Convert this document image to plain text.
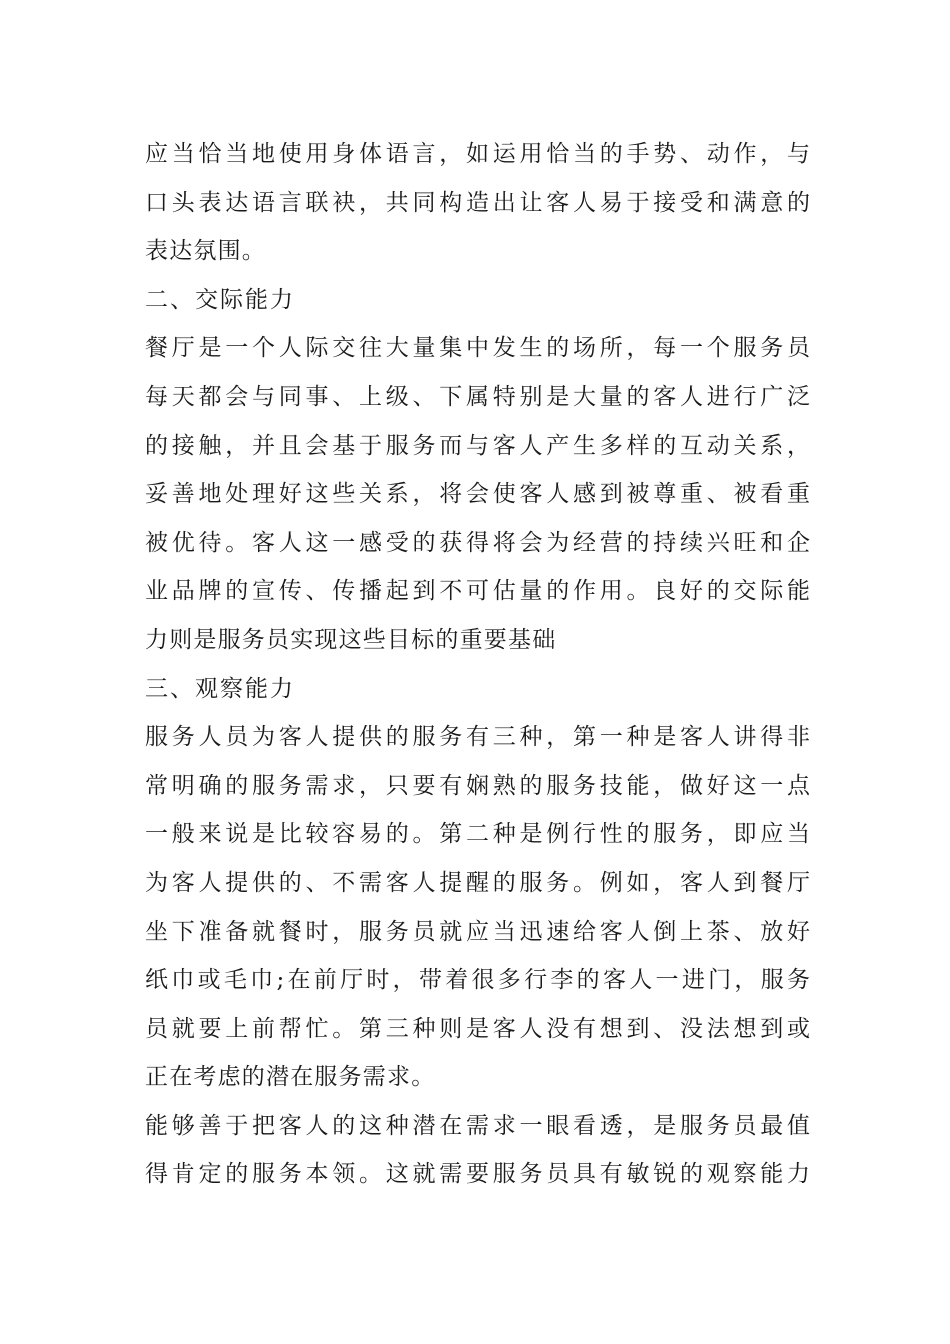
应当恰当地使用身体语言，如运用恰当的手势、动作，与
口头表达语言联袂，共同构造出让客人易于接受和满意的
表达氛围。
二、交际能力
餐厅是一个人际交往大量集中发生的场所，每一个服务员
每天都会与同事、上级、下属特别是大量的客人进行广泛
的接触，并且会基于服务而与客人产生多样的互动关系，
妥善地处理好这些关系，将会使客人感到被尊重、被看重
被优待。客人这一感受的获得将会为经营的持续兴旺和企
业品牌的宣传、传播起到不可估量的作用。良好的交际能
力则是服务员实现这些目标的重要基础
三、观察能力
服务人员为客人提供的服务有三种，第一种是客人讲得非
常明确的服务需求，只要有娴熟的服务技能，做好这一点
一般来说是比较容易的。第二种是例行性的服务，即应当
为客人提供的、不需客人提醒的服务。例如，客人到餐厅
坐下准备就餐时，服务员就应当迅速给客人倒上茶、放好
纸巾或毛巾;在前厅时，带着很多行李的客人一进门，服务
员就要上前帮忙。第三种则是客人没有想到、没法想到或
正在考虑的潜在服务需求。
能够善于把客人的这种潜在需求一眼看透，是服务员最值
得肯定的服务本领。这就需要服务员具有敏锐的观察能力
